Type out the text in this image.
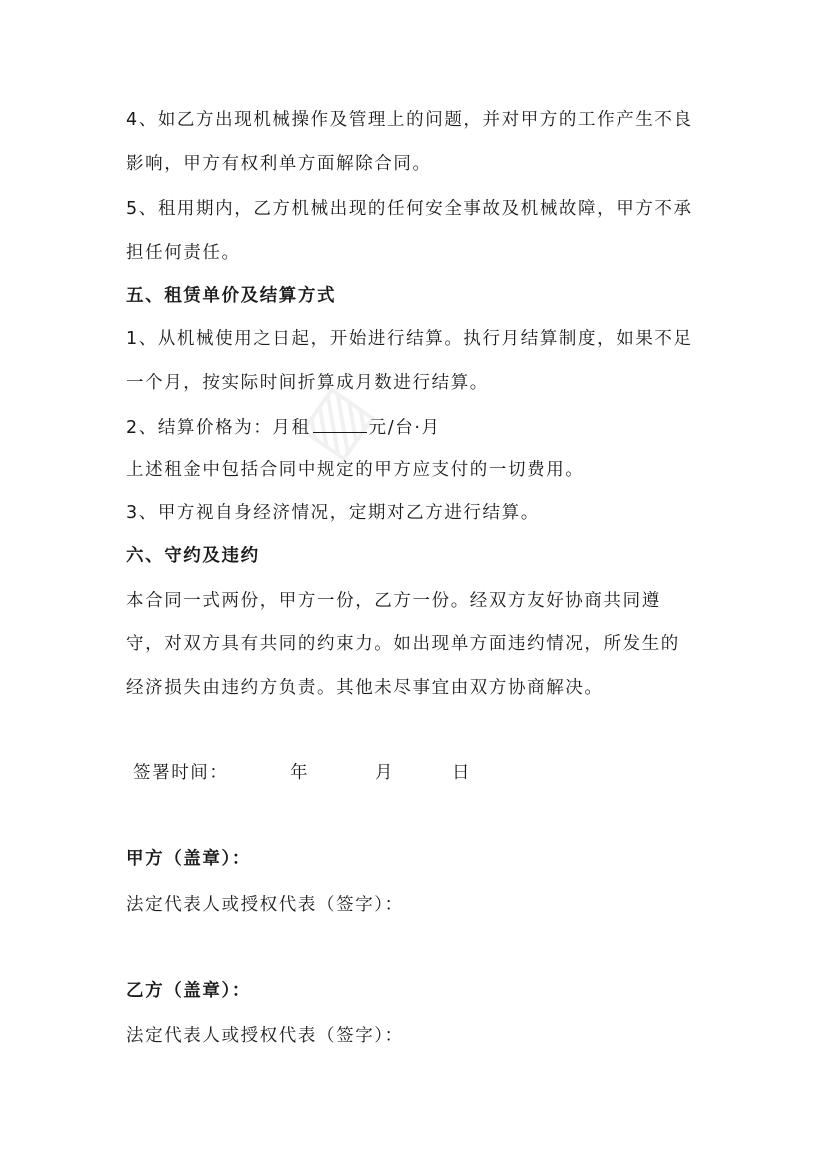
▨
4、如乙方出现机械操作及管理上的问题，并对甲方的工作产生不良
影响，甲方有权利单方面解除合同。
5、租用期内，乙方机械出现的任何安全事故及机械故障，甲方不承
担任何责任。
五、租赁单价及结算方式
1、从机械使用之日起，开始进行结算。执行月结算制度，如果不足
一个月，按实际时间折算成月数进行结算。
2、结算价格为：月租	元/台·月
上述租金中包括合同中规定的甲方应支付的一切费用。
3、甲方视自身经济情况，定期对乙方进行结算。
六、守约及违约
本合同一式两份，甲方一份，乙方一份。经双方友好协商共同遵
守，对双方具有共同的约束力。如出现单方面违约情况，所发生的
经济损失由违约方负责。其他未尽事宜由双方协商解决。
签署时间：	年	月	日
甲方（盖章）：
法定代表人或授权代表（签字）：
乙方（盖章）：
法定代表人或授权代表（签字）：
